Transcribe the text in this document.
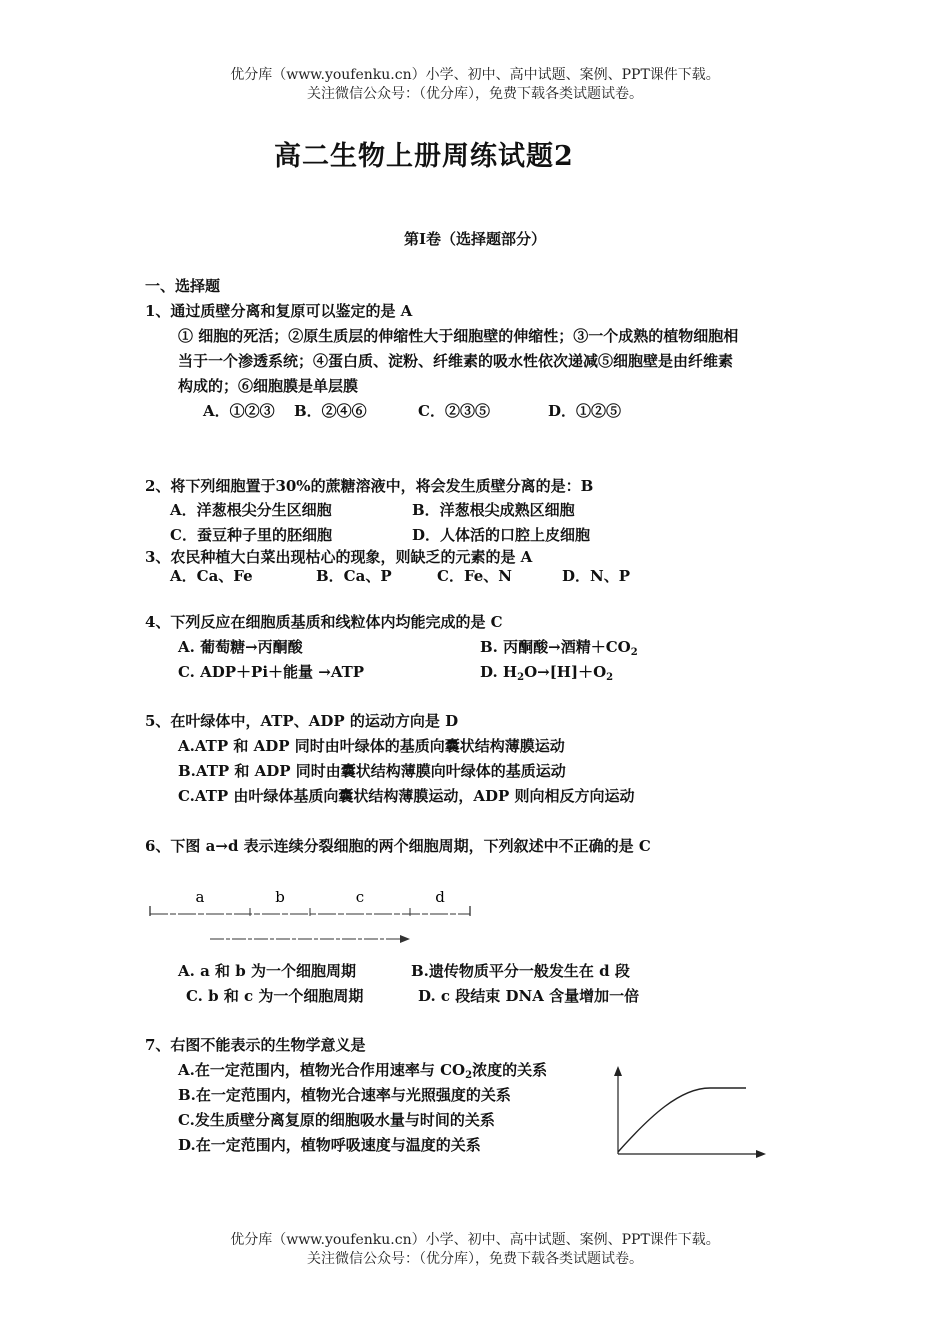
优分库（www.youfenku.cn）小学、初中、高中试题、案例、PPT课件下载。
关注微信公众号：（优分库），免费下载各类试题试卷。
高二生物上册周练试题2
第Ⅰ卷（选择题部分）
一、选择题
1、通过质壁分离和复原可以鉴定的是 A
① 细胞的死活；②原生质层的伸缩性大于细胞壁的伸缩性；③一个成熟的植物细胞相
当于一个渗透系统；④蛋白质、淀粉、纤维素的吸水性依次递减⑤细胞壁是由纤维素
构成的；⑥细胞膜是单层膜
A．①②③ B．②④⑥	C．②③⑤	D．①②⑤
2、将下列细胞置于30%的蔗糖溶液中，将会发生质壁分离的是：B
A．洋葱根尖分生区细胞	B．洋葱根尖成熟区细胞
C．蚕豆种子里的胚细胞	D．人体活的口腔上皮细胞
3、农民种植大白菜出现枯心的现象，则缺乏的元素的是 A
A．Ca、Fe	B．Ca、P	C．Fe、N	D．N、P
4、下列反应在细胞质基质和线粒体内均能完成的是 C
A. 葡萄糖→丙酮酸	B. 丙酮酸→酒精$+CO_2$
C. ADP＋Pi＋能量 →ATP	D. $H_2O\to[H]+O_2$
5、在叶绿体中，ATP、ADP 的运动方向是 D
A.ATP 和 ADP 同时由叶绿体的基质向囊状结构薄膜运动
B.ATP 和 ADP 同时由囊状结构薄膜向叶绿体的基质运动
C.ATP 由叶绿体基质向囊状结构薄膜运动，ADP 则向相反方向运动
6、下图 a→d 表示连续分裂细胞的两个细胞周期，下列叙述中不正确的是 C
a	b	c	d
A. a 和 b 为一个细胞周期	B.遗传物质平分一般发生在 d 段
C. b 和 c 为一个细胞周期	D. c 段结束 DNA 含量增加一倍
7、右图不能表示的生物学意义是
A.在一定范围内，植物光合作用速率与 $CO_2$浓度的关系
B.在一定范围内，植物光合速率与光照强度的关系
C.发生质壁分离复原的细胞吸水量与时间的关系
D.在一定范围内，植物呼吸速度与温度的关系
优分库（www.youfenku.cn）小学、初中、高中试题、案例、PPT课件下载。
关注微信公众号：（优分库），免费下载各类试题试卷。
